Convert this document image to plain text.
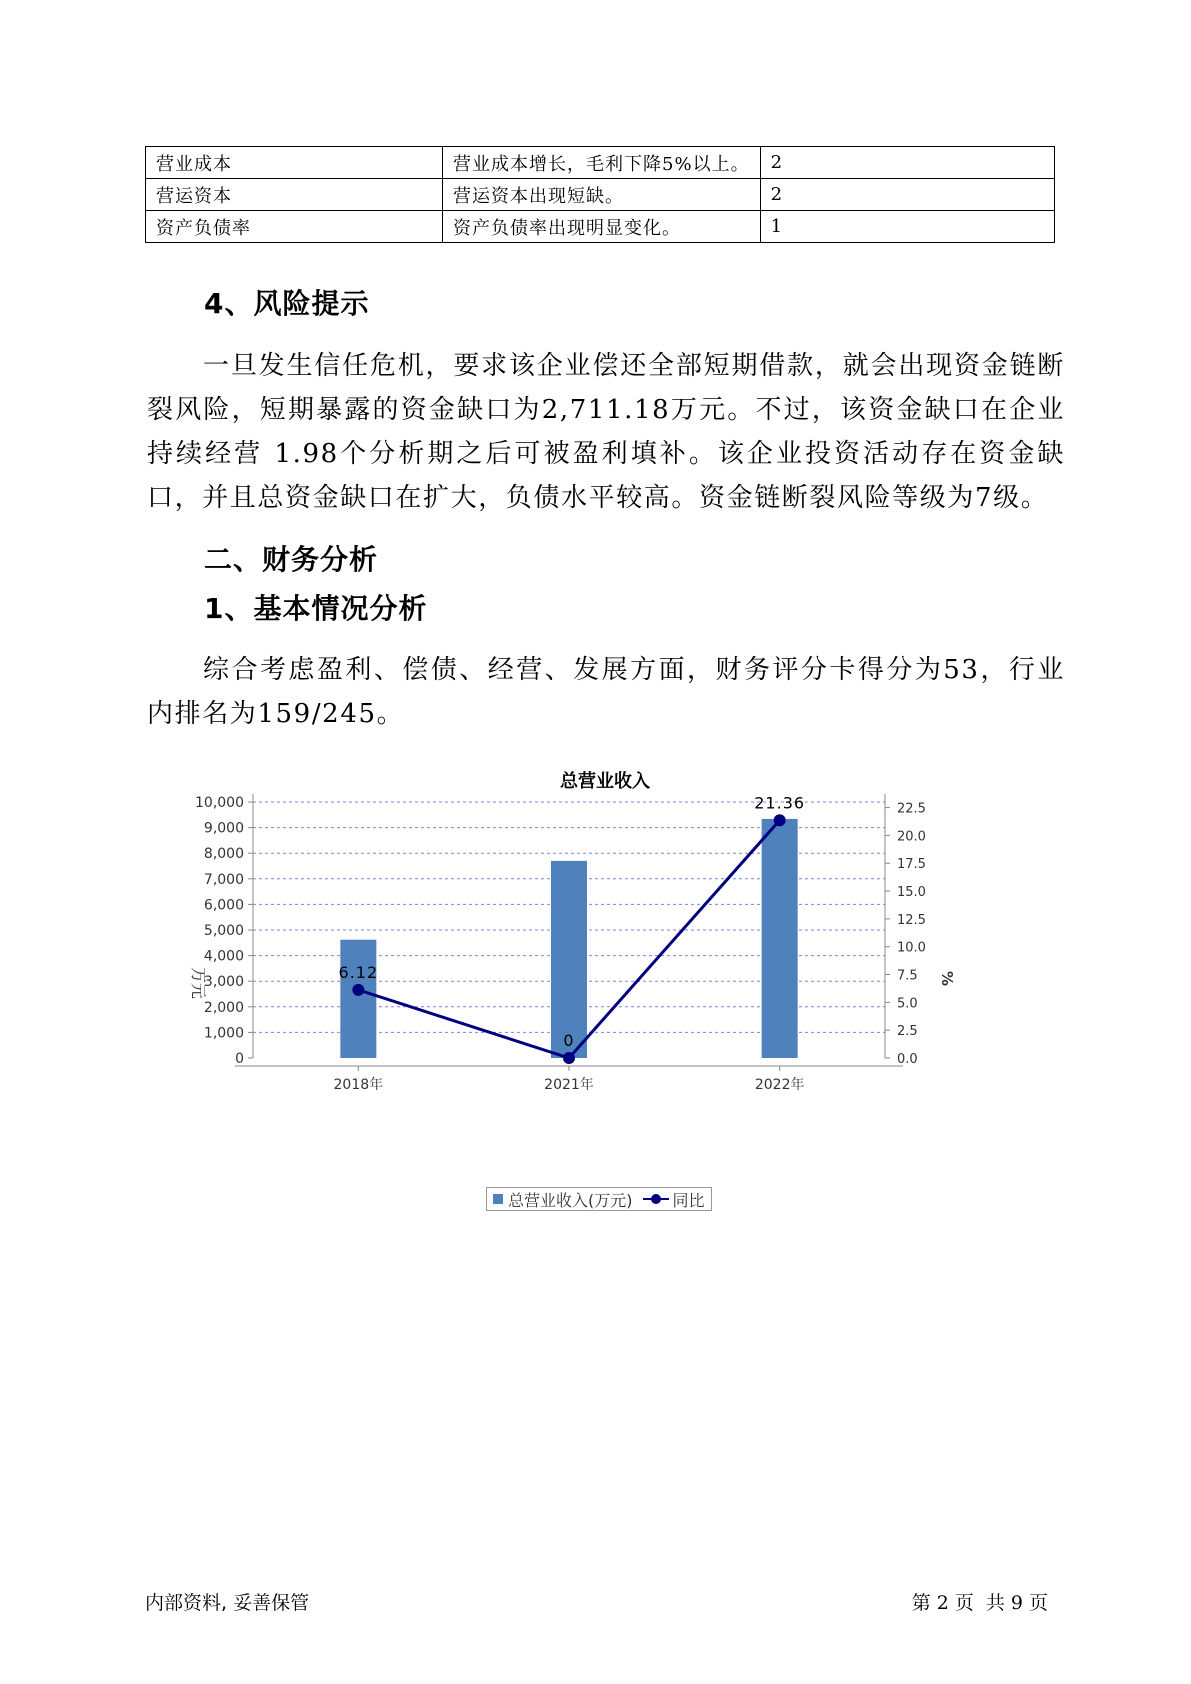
营业成本	营业成本增长，毛利下降5%以上。	2
营运资本	营运资本出现短缺。	2
资产负债率	资产负债率出现明显变化。	1
4、风险提示
一旦发生信任危机，要求该企业偿还全部短期借款，就会出现资金链断裂风险，短期暴露的资金缺口为2,711.18万元。不过，该资金缺口在企业持续经营 1.98个分析期之后可被盈利填补。该企业投资活动存在资金缺口，并且总资金缺口在扩大，负债水平较高。资金链断裂风险等级为7级。
二、财务分析
1、基本情况分析
综合考虑盈利、偿债、经营、发展方面，财务评分卡得分为53，行业内排名为159/245。
总营业收入
0
1,000
2,000
3,000
4,000
5,000
6,000
7,000
8,000
9,000
10,000
0.0
2.5
5.0
7.5
10.0
12.5
15.0
17.5
20.0
22.5
2018年	2021年	2022年
6.12
0
21.36
万元	%
总营业收入(万元)	同比
内部资料, 妥善保管	第 2 页 共 9 页
